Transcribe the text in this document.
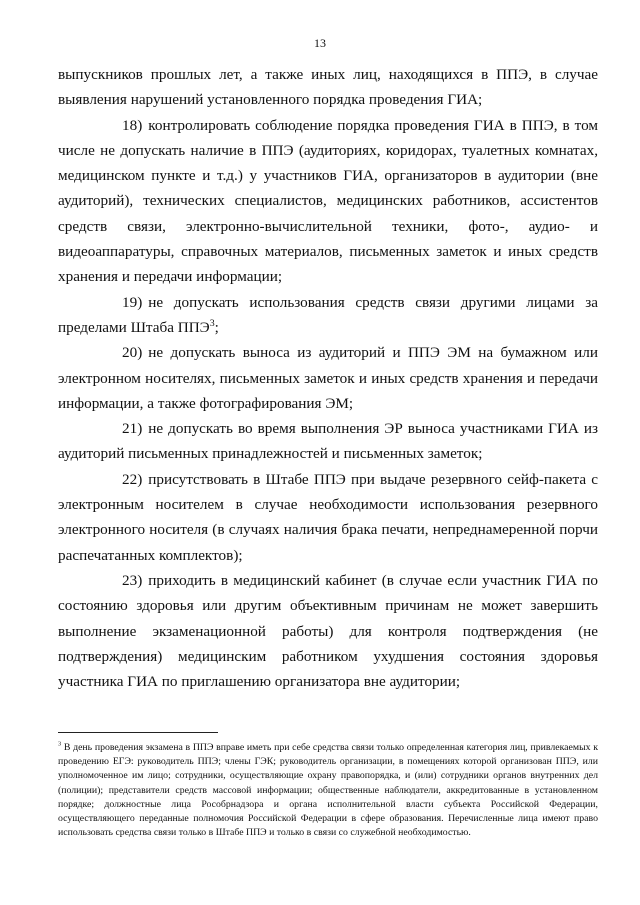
13

выпускников прошлых лет, а также иных лиц, находящихся в ППЭ, в случае выявления нарушений установленного порядка проведения ГИА;

18) контролировать соблюдение порядка проведения ГИА в ППЭ, в том числе не допускать наличие в ППЭ (аудиториях, коридорах, туалетных комнатах, медицинском пункте и т.д.) у участников ГИА, организаторов в аудитории (вне аудиторий), технических специалистов, медицинских работников, ассистентов средств связи, электронно-вычислительной техники, фото-, аудио- и видеоаппаратуры, справочных материалов, письменных заметок и иных средств хранения и передачи информации;

19) не допускать использования средств связи другими лицами за пределами Штаба ППЭ$^3$;

20) не допускать выноса из аудиторий и ППЭ ЭМ на бумажном или электронном носителях, письменных заметок и иных средств хранения и передачи информации, а также фотографирования ЭМ;

21) не допускать во время выполнения ЭР выноса участниками ГИА из аудиторий письменных принадлежностей и письменных заметок;

22) присутствовать в Штабе ППЭ при выдаче резервного сейф-пакета с электронным носителем в случае необходимости использования резервного электронного носителя (в случаях наличия брака печати, непреднамеренной порчи распечатанных комплектов);

23) приходить в медицинский кабинет (в случае если участник ГИА по состоянию здоровья или другим объективным причинам не может завершить выполнение экзаменационной работы) для контроля подтверждения (не подтверждения) медицинским работником ухудшения состояния здоровья участника ГИА по приглашению организатора вне аудитории;

$^3$ В день проведения экзамена в ППЭ вправе иметь при себе средства связи только определенная категория лиц, привлекаемых к проведению ЕГЭ: руководитель ППЭ; члены ГЭК; руководитель организации, в помещениях которой организован ППЭ, или уполномоченное им лицо; сотрудники, осуществляющие охрану правопорядка, и (или) сотрудники органов внутренних дел (полиции); представители средств массовой информации; общественные наблюдатели, аккредитованные в установленном порядке; должностные лица Рособрнадзора и органа исполнительной власти субъекта Российской Федерации, осуществляющего переданные полномочия Российской Федерации в сфере образования. Перечисленные лица имеют право использовать средства связи только в Штабе ППЭ и только в связи со служебной необходимостью.
